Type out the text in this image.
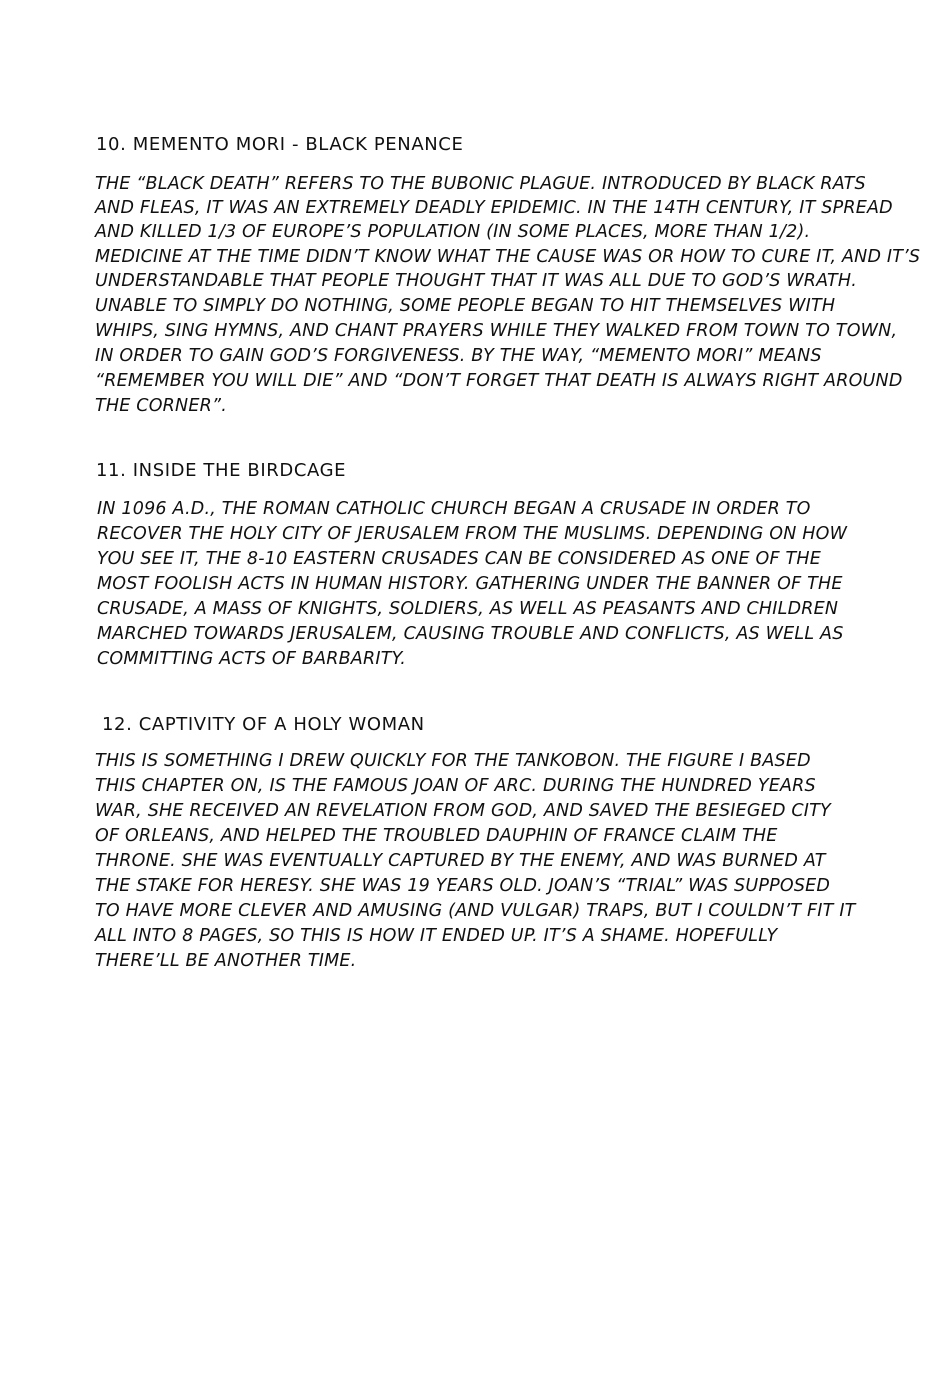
10. MEMENTO MORI - BLACK PENANCE
THE “BLACK DEATH” REFERS TO THE BUBONIC PLAGUE. INTRODUCED BY BLACK RATS
AND FLEAS, IT WAS AN EXTREMELY DEADLY EPIDEMIC. IN THE 14TH CENTURY, IT SPREAD
AND KILLED 1/3 OF EUROPE’S POPULATION (IN SOME PLACES, MORE THAN 1/2).
MEDICINE AT THE TIME DIDN’T KNOW WHAT THE CAUSE WAS OR HOW TO CURE IT, AND IT’S
UNDERSTANDABLE THAT PEOPLE THOUGHT THAT IT WAS ALL DUE TO GOD’S WRATH.
UNABLE TO SIMPLY DO NOTHING, SOME PEOPLE BEGAN TO HIT THEMSELVES WITH
WHIPS, SING HYMNS, AND CHANT PRAYERS WHILE THEY WALKED FROM TOWN TO TOWN,
IN ORDER TO GAIN GOD’S FORGIVENESS. BY THE WAY, “MEMENTO MORI” MEANS
“REMEMBER YOU WILL DIE” AND “DON’T FORGET THAT DEATH IS ALWAYS RIGHT AROUND
THE CORNER”.
11. INSIDE THE BIRDCAGE
IN 1096 A.D., THE ROMAN CATHOLIC CHURCH BEGAN A CRUSADE IN ORDER TO
RECOVER THE HOLY CITY OF JERUSALEM FROM THE MUSLIMS. DEPENDING ON HOW
YOU SEE IT, THE 8-10 EASTERN CRUSADES CAN BE CONSIDERED AS ONE OF THE
MOST FOOLISH ACTS IN HUMAN HISTORY. GATHERING UNDER THE BANNER OF THE
CRUSADE, A MASS OF KNIGHTS, SOLDIERS, AS WELL AS PEASANTS AND CHILDREN
MARCHED TOWARDS JERUSALEM, CAUSING TROUBLE AND CONFLICTS, AS WELL AS
COMMITTING ACTS OF BARBARITY.
12. CAPTIVITY OF A HOLY WOMAN
THIS IS SOMETHING I DREW QUICKLY FOR THE TANKOBON. THE FIGURE I BASED
THIS CHAPTER ON, IS THE FAMOUS JOAN OF ARC. DURING THE HUNDRED YEARS
WAR, SHE RECEIVED AN REVELATION FROM GOD, AND SAVED THE BESIEGED CITY
OF ORLEANS, AND HELPED THE TROUBLED DAUPHIN OF FRANCE CLAIM THE
THRONE. SHE WAS EVENTUALLY CAPTURED BY THE ENEMY, AND WAS BURNED AT
THE STAKE FOR HERESY. SHE WAS 19 YEARS OLD. JOAN’S “TRIAL” WAS SUPPOSED
TO HAVE MORE CLEVER AND AMUSING (AND VULGAR) TRAPS, BUT I COULDN’T FIT IT
ALL INTO 8 PAGES, SO THIS IS HOW IT ENDED UP. IT’S A SHAME. HOPEFULLY
THERE’LL BE ANOTHER TIME.
